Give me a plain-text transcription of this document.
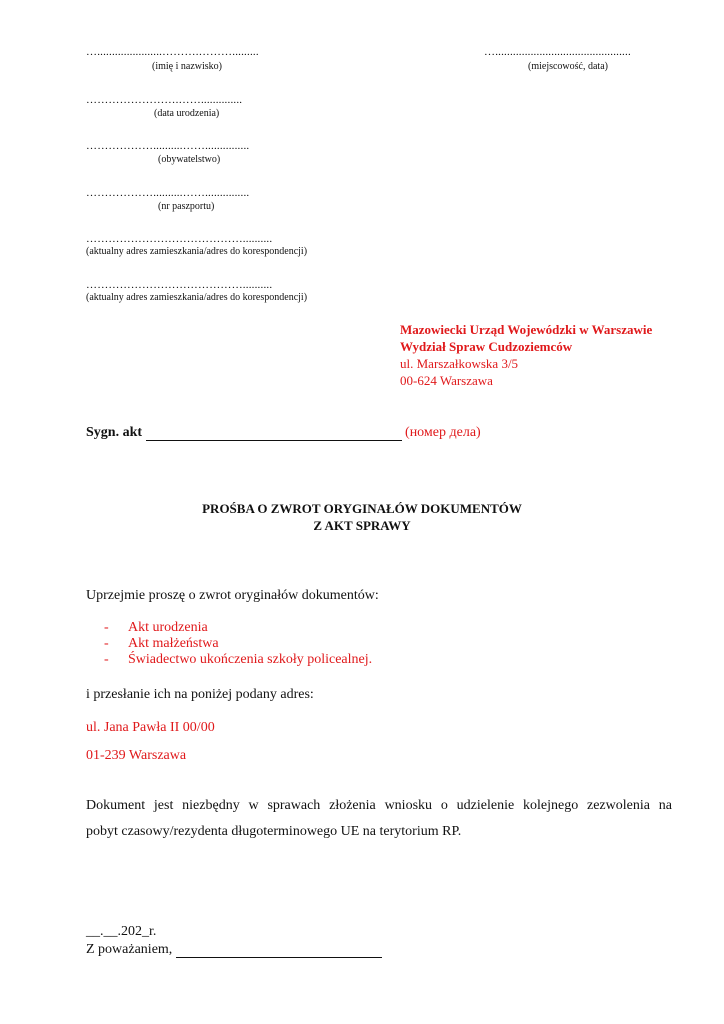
…......................……….……….........
(imię i nazwisko)
…..............................................
(miejscowość, data)
…………………….……..............
(data urodzenia)
………………..........……...............
(obywatelstwo)
………………..........……...............
(nr paszportu)
……………………………………..........
(aktualny adres zamieszkania/adres do korespondencji)
……………………………………..........
(aktualny adres zamieszkania/adres do korespondencji)
Mazowiecki Urząd Wojewódzki w Warszawie
Wydział Spraw Cudzoziemców
ul. Marszałkowska 3/5
00-624 Warszawa
Sygn. akt	(номер дела)
PROŚBA O ZWROT ORYGINAŁÓW DOKUMENTÓW
Z AKT SPRAWY
Uprzejmie proszę o zwrot oryginałów dokumentów:
- Akt urodzenia
- Akt małżeństwa
- Świadectwo ukończenia szkoły policealnej.
i przesłanie ich na poniżej podany adres:
ul. Jana Pawła II 00/00
01-239 Warszawa
Dokument jest niezbędny w sprawach złożenia wniosku o udzielenie kolejnego zezwolenia na
pobyt czasowy/rezydenta długoterminowego UE na terytorium RP.
__.__.202_r.
Z poważaniem,
